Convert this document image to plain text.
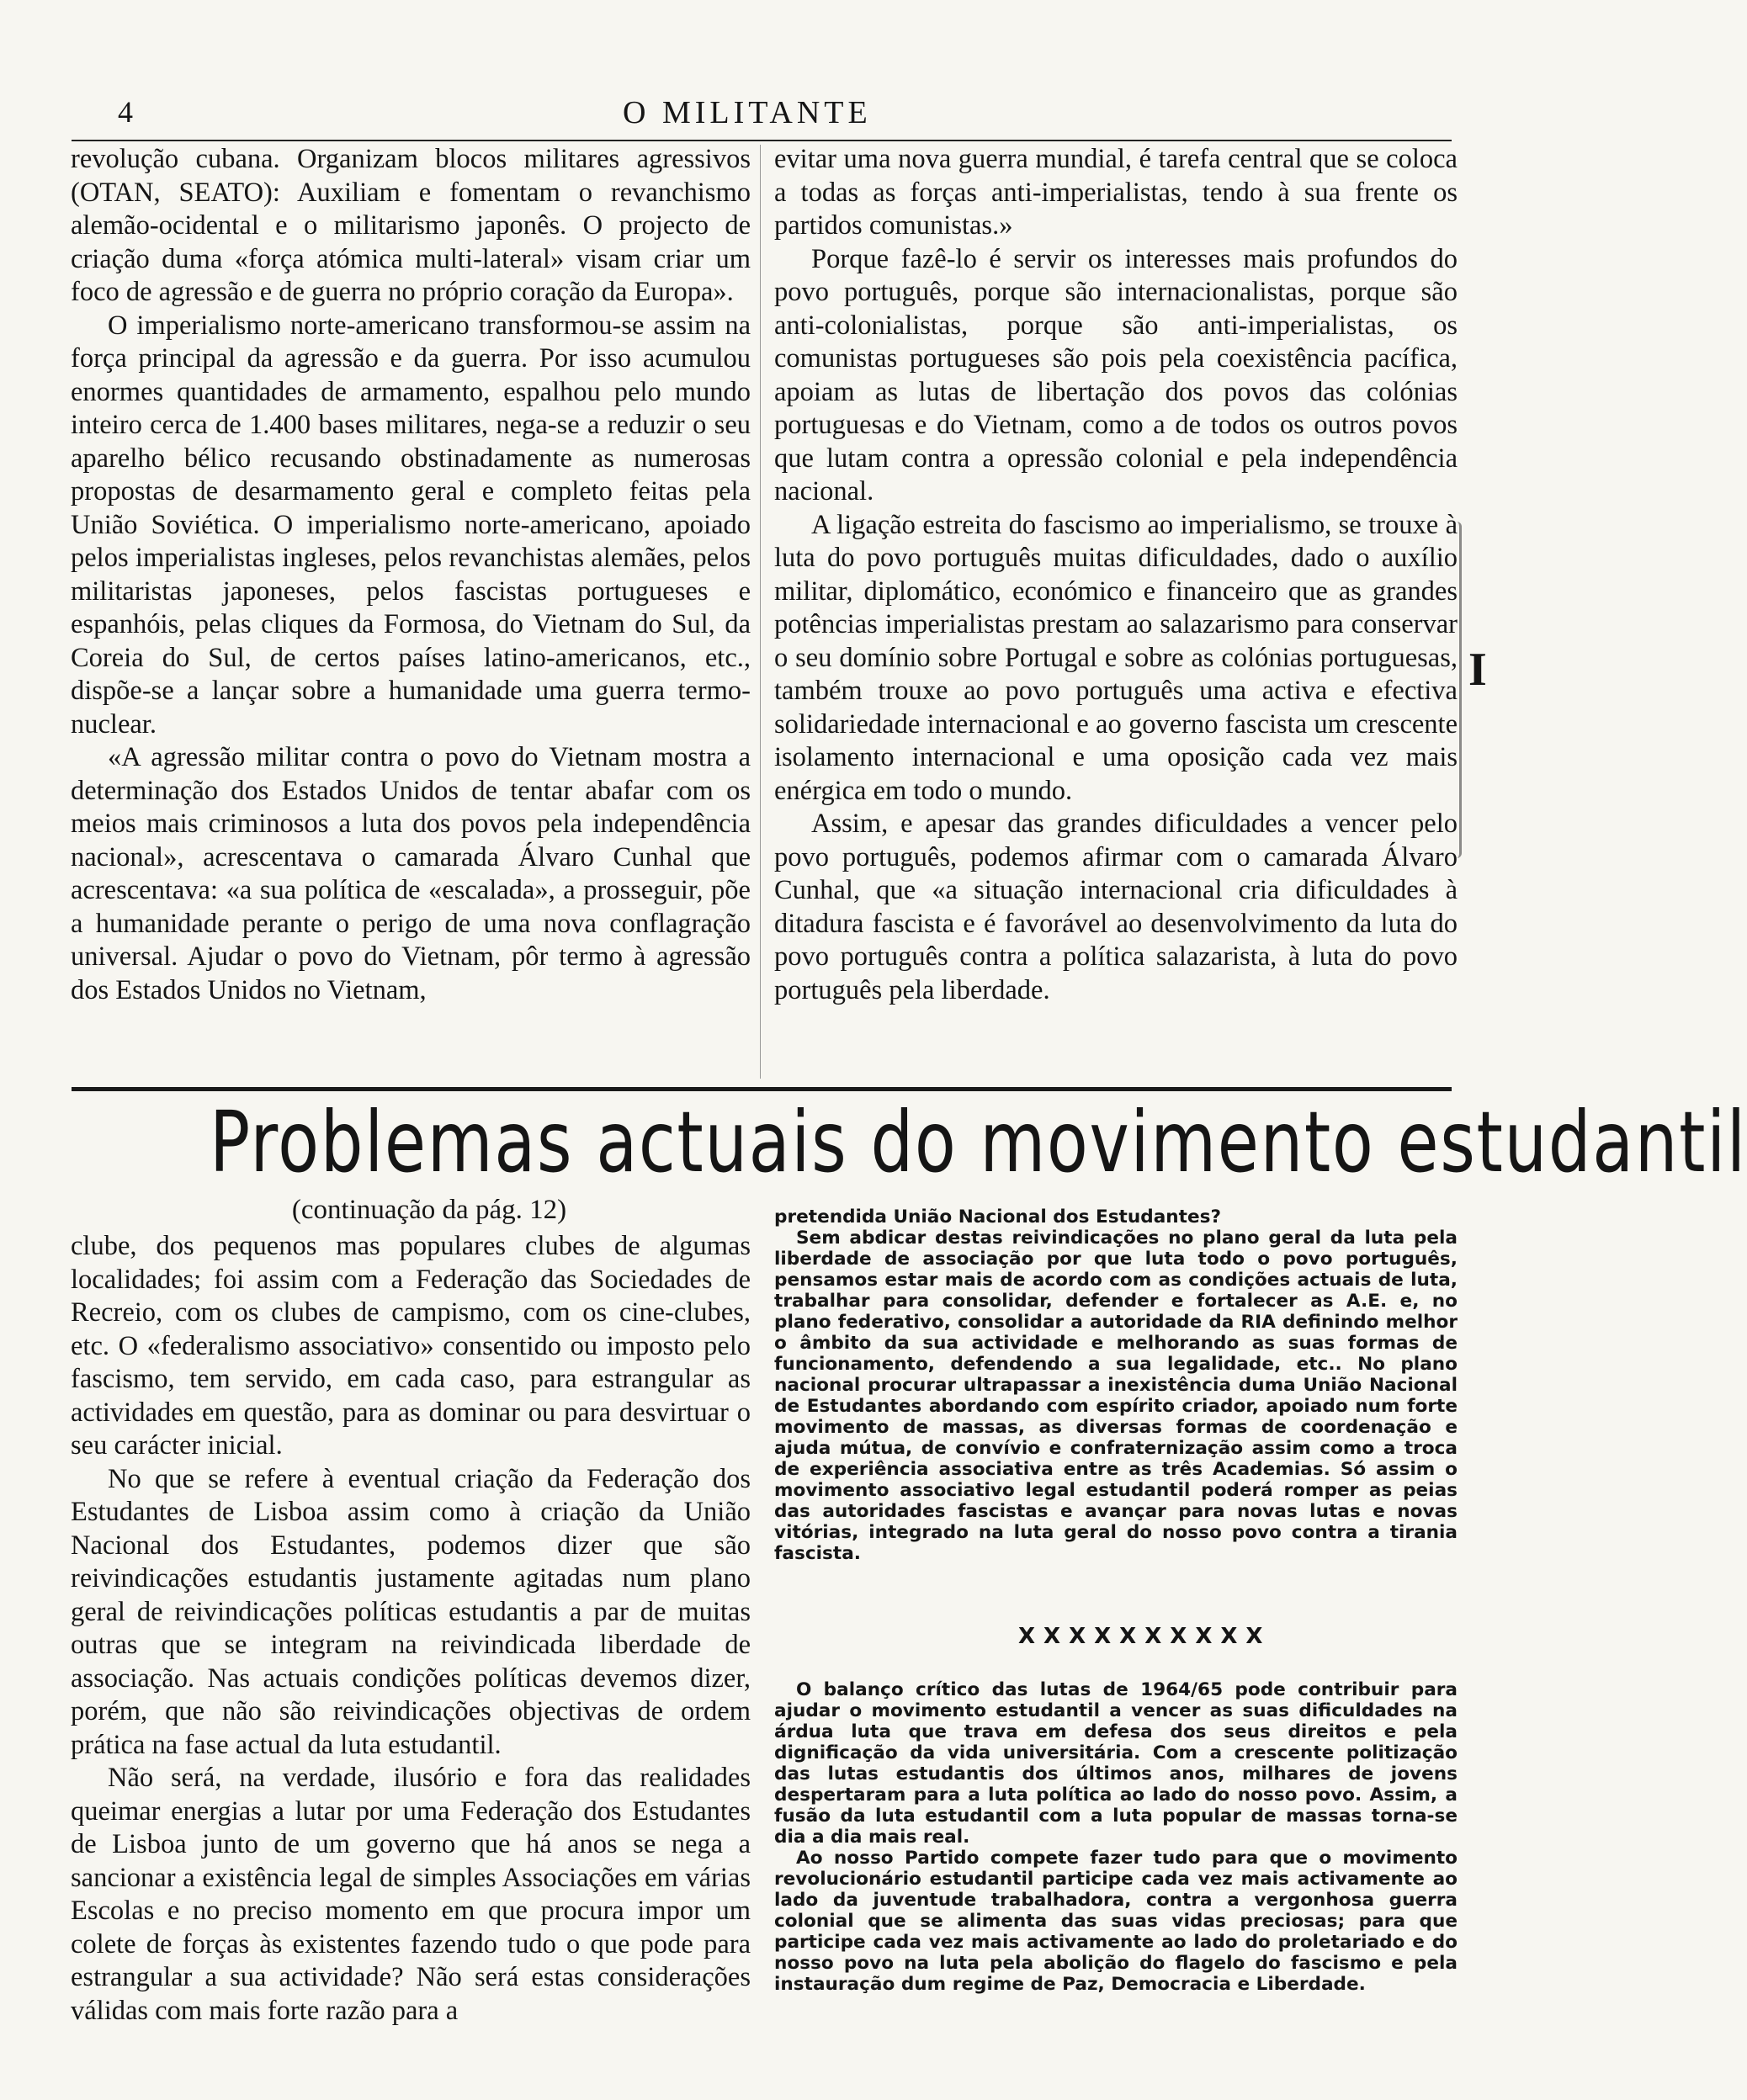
4	O MILITANTE

revolução cubana. Organizam blocos militares agressivos (OTAN, SEATO): Auxiliam e fomentam o revanchismo alemão-ocidental e o militarismo japonês. O projecto de criação duma «força atómica multi-lateral» visam criar um foco de agressão e de guerra no próprio coração da Europa».

O imperialismo norte-americano transformou-se assim na força principal da agressão e da guerra. Por isso acumulou enormes quantidades de armamento, espalhou pelo mundo inteiro cerca de 1.400 bases militares, nega-se a reduzir o seu aparelho bélico recusando obstinadamente as numerosas propostas de desarmamento geral e completo feitas pela União Soviética. O imperialismo norte-americano, apoiado pelos imperialistas ingleses, pelos revanchistas alemães, pelos militaristas japoneses, pelos fascistas portugueses e espanhóis, pelas cliques da Formosa, do Vietnam do Sul, da Coreia do Sul, de certos países latino-americanos, etc., dispõe-se a lançar sobre a humanidade uma guerra termo-nuclear.

«A agressão militar contra o povo do Vietnam mostra a determinação dos Estados Unidos de tentar abafar com os meios mais criminosos a luta dos povos pela independência nacional», acrescentava o camarada Álvaro Cunhal que acrescentava: «a sua política de «escalada», a prosseguir, põe a humanidade perante o perigo de uma nova conflagração universal. Ajudar o povo do Vietnam, pôr termo à agressão dos Estados Unidos no Vietnam,

evitar uma nova guerra mundial, é tarefa central que se coloca a todas as forças anti-imperialistas, tendo à sua frente os partidos comunistas.»

Porque fazê-lo é servir os interesses mais profundos do povo português, porque são internacionalistas, porque são anti-colonialistas, porque são anti-imperialistas, os comunistas portugueses são pois pela coexistência pacífica, apoiam as lutas de libertação dos povos das colónias portuguesas e do Vietnam, como a de todos os outros povos que lutam contra a opressão colonial e pela independência nacional.

A ligação estreita do fascismo ao imperialismo, se trouxe à luta do povo português muitas dificuldades, dado o auxílio militar, diplomático, económico e financeiro que as grandes potências imperialistas prestam ao salazarismo para conservar o seu domínio sobre Portugal e sobre as colónias portuguesas, também trouxe ao povo português uma activa e efectiva solidariedade internacional e ao governo fascista um crescente isolamento internacional e uma oposição cada vez mais enérgica em todo o mundo.

Assim, e apesar das grandes dificuldades a vencer pelo povo português, podemos afirmar com o camarada Álvaro Cunhal, que «a situação internacional cria dificuldades à ditadura fascista e é favorável ao desenvolvimento da luta do povo português contra a política salazarista, à luta do povo português pela liberdade.

I
Problemas actuais do movimento estudantil
(continuação da pág. 12)

clube, dos pequenos mas populares clubes de algumas localidades; foi assim com a Federação das Sociedades de Recreio, com os clubes de campismo, com os cine-clubes, etc. O «federalismo associativo» consentido ou imposto pelo fascismo, tem servido, em cada caso, para estrangular as actividades em questão, para as dominar ou para desvirtuar o seu carácter inicial.

No que se refere à eventual criação da Federação dos Estudantes de Lisboa assim como à criação da União Nacional dos Estudantes, podemos dizer que são reivindicações estudantis justamente agitadas num plano geral de reivindicações políticas estudantis a par de muitas outras que se integram na reivindicada liberdade de associação. Nas actuais condições políticas devemos dizer, porém, que não são reivindicações objectivas de ordem prática na fase actual da luta estudantil.

Não será, na verdade, ilusório e fora das realidades queimar energias a lutar por uma Federação dos Estudantes de Lisboa junto de um governo que há anos se nega a sancionar a existência legal de simples Associações em várias Escolas e no preciso momento em que procura impor um colete de forças às existentes fazendo tudo o que pode para estrangular a sua actividade? Não será estas considerações válidas com mais forte razão para a

pretendida União Nacional dos Estudantes?

Sem abdicar destas reivindicações no plano geral da luta pela liberdade de associação por que luta todo o povo português, pensamos estar mais de acordo com as condições actuais de luta, trabalhar para consolidar, defender e fortalecer as A.E. e, no plano federativo, consolidar a autoridade da RIA definindo melhor o âmbito da sua actividade e melhorando as suas formas de funcionamento, defendendo a sua legalidade, etc.. No plano nacional procurar ultrapassar a inexistência duma União Nacional de Estudantes abordando com espírito criador, apoiado num forte movimento de massas, as diversas formas de coordenação e ajuda mútua, de convívio e confraternização assim como a troca de experiência associativa entre as três Academias. Só assim o movimento associativo legal estudantil poderá romper as peias das autoridades fascistas e avançar para novas lutas e novas vitórias, integrado na luta geral do nosso povo contra a tirania fascista.

XXXXXXXXXX

O balanço crítico das lutas de 1964/65 pode contribuir para ajudar o movimento estudantil a vencer as suas dificuldades na árdua luta que trava em defesa dos seus direitos e pela dignificação da vida universitária. Com a crescente politização das lutas estudantis dos últimos anos, milhares de jovens despertaram para a luta política ao lado do nosso povo. Assim, a fusão da luta estudantil com a luta popular de massas torna-se dia a dia mais real.

Ao nosso Partido compete fazer tudo para que o movimento revolucionário estudantil participe cada vez mais activamente ao lado da juventude trabalhadora, contra a vergonhosa guerra colonial que se alimenta das suas vidas preciosas; para que participe cada vez mais activamente ao lado do proletariado e do nosso povo na luta pela abolição do flagelo do fascismo e pela instauração dum regime de Paz, Democracia e Liberdade.
